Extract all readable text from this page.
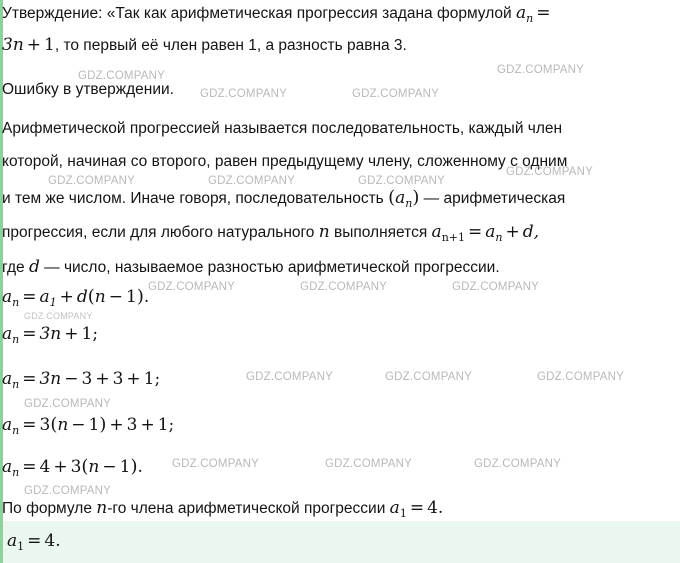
Утверждение: «Так как арифметическая прогрессия задана формулой $a_n$ =
3n + 1, то первый её член равен 1, а разность равна 3.
Ошибку в утверждении.
Арифметической прогрессией называется последовательность, каждый член
которой, начиная со второго, равен предыдущему члену, сложенному с одним
и тем же числом. Иначе говоря, последовательность $(a_n)$ — арифметическая
прогрессия, если для любого натурального n выполняется $a_{n+1} = a_n + d$,
где d — число, называемое разностью арифметической прогрессии.
$a_n = a_1 + d(n - 1)$.
$a_n = 3n + 1$;
$a_n = 3n - 3 + 3 + 1$;
$a_n = 3(n - 1) + 3 + 1$;
$a_n = 4 + 3(n - 1)$.
По формуле n-го члена арифметической прогрессии $a_1 = 4$.
$a_1 = 4$.
GDZ.COMPANY	GDZ.COMPANY
GDZ.COMPANY	GDZ.COMPANY
GDZ.COMPANY	GDZ.COMPANY	GDZ.COMPANY
GDZ.COMPANY
GDZ.COMPANY	GDZ.COMPANY	GDZ.COMPANY
GDZ.COMPANY
GDZ.COMPANY	GDZ.COMPANY	GDZ.COMPANY
GDZ.COMPANY
GDZ.COMPANY	GDZ.COMPANY	GDZ.COMPANY
GDZ.COMPANY
